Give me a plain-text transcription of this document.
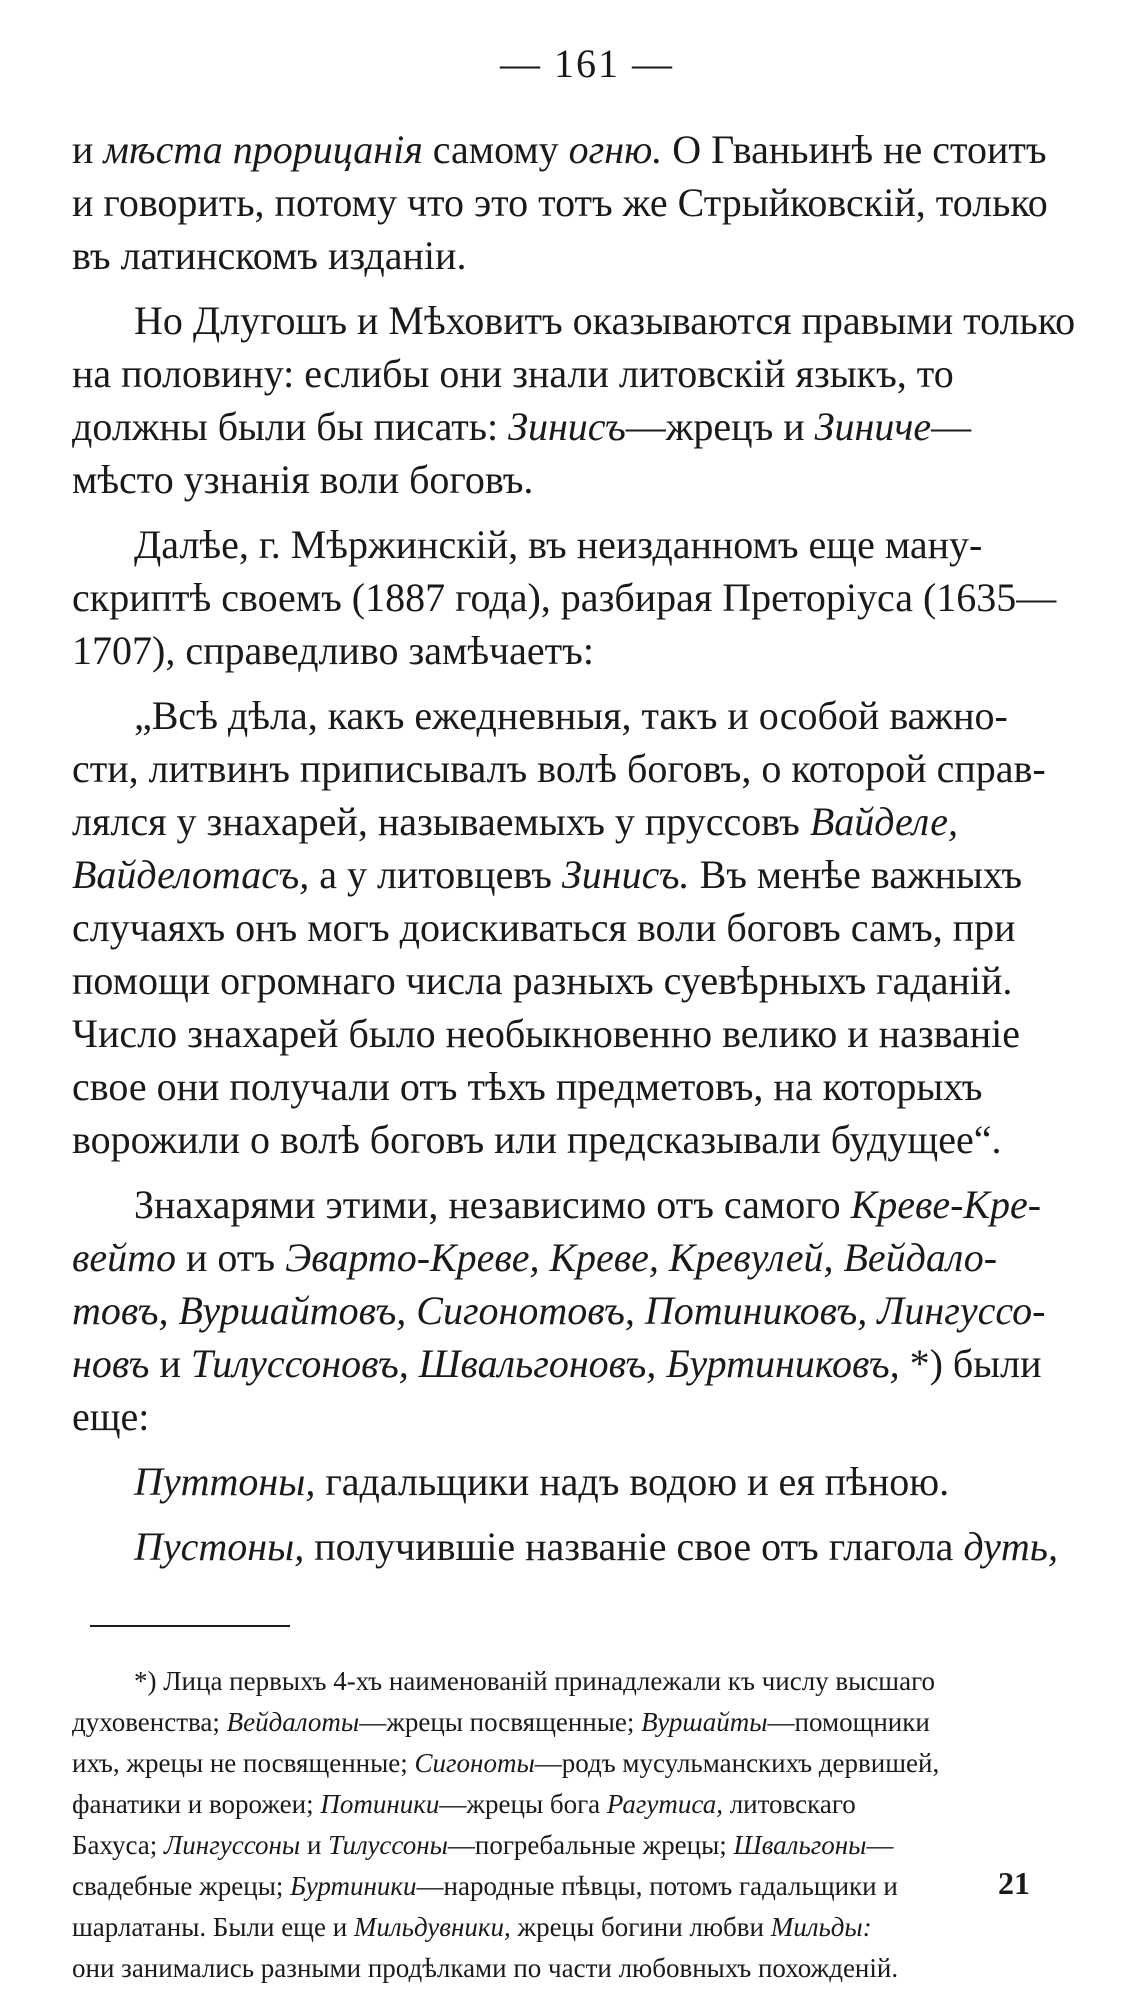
— 161 —
и мѣста прорицанія самому огню. О Гваньинѣ не стоитъ
и говорить, потому что это тотъ же Стрыйковскій, только
въ латинскомъ изданіи.
Но Длугошъ и Мѣховитъ оказываются правыми только
на половину: еслибы они знали литовскій языкъ, то
должны были бы писать: Зинисъ—жрецъ и Зиниче—
мѣсто узнанія воли боговъ.
Далѣе, г. Мѣржинскій, въ неизданномъ еще ману-
скриптѣ своемъ (1887 года), разбирая Преторіуса (1635—
1707), справедливо замѣчаетъ:
„Всѣ дѣла, какъ ежедневныя, такъ и особой важно-
сти, литвинъ приписывалъ волѣ боговъ, о которой справ-
лялся у знахарей, называемыхъ у пруссовъ Вайделе,
Вайделотасъ, а у литовцевъ Зинисъ. Въ менѣе важныхъ
случаяхъ онъ могъ доискиваться воли боговъ самъ, при
помощи огромнаго числа разныхъ суевѣрныхъ гаданій.
Число знахарей было необыкновенно велико и названіе
свое они получали отъ тѣхъ предметовъ, на которыхъ
ворожили о волѣ боговъ или предсказывали будущее“.
Знахарями этими, независимо отъ самого Креве-Кре-
вейто и отъ Эварто-Креве, Креве, Кревулей, Вейдало-
товъ, Вуршайтовъ, Сигонотовъ, Потиниковъ, Лингуссо-
новъ и Тилуссоновъ, Швальгоновъ, Буртиниковъ, *) были
еще:
Путтоны, гадальщики надъ водою и ея пѣною.
Пустоны, получившіе названіе свое отъ глагола дуть,
*) Лица первыхъ 4-хъ наименованій принадлежали къ числу высшаго
духовенства; Вейдалоты—жрецы посвященные; Вуршайты—помощники
ихъ, жрецы не посвященные; Сигоноты—родъ мусульманскихъ дервишей,
фанатики и ворожеи; Потиники—жрецы бога Рагутиса, литовскаго
Бахуса; Лингуссоны и Тилуссоны—погребальные жрецы; Швальгоны—
свадебные жрецы; Буртиники—народные пѣвцы, потомъ гадальщики и
шарлатаны. Были еще и Мильдувники, жрецы богини любви Мильды:
они занимались разными продѣлками по части любовныхъ похожденій.
21
